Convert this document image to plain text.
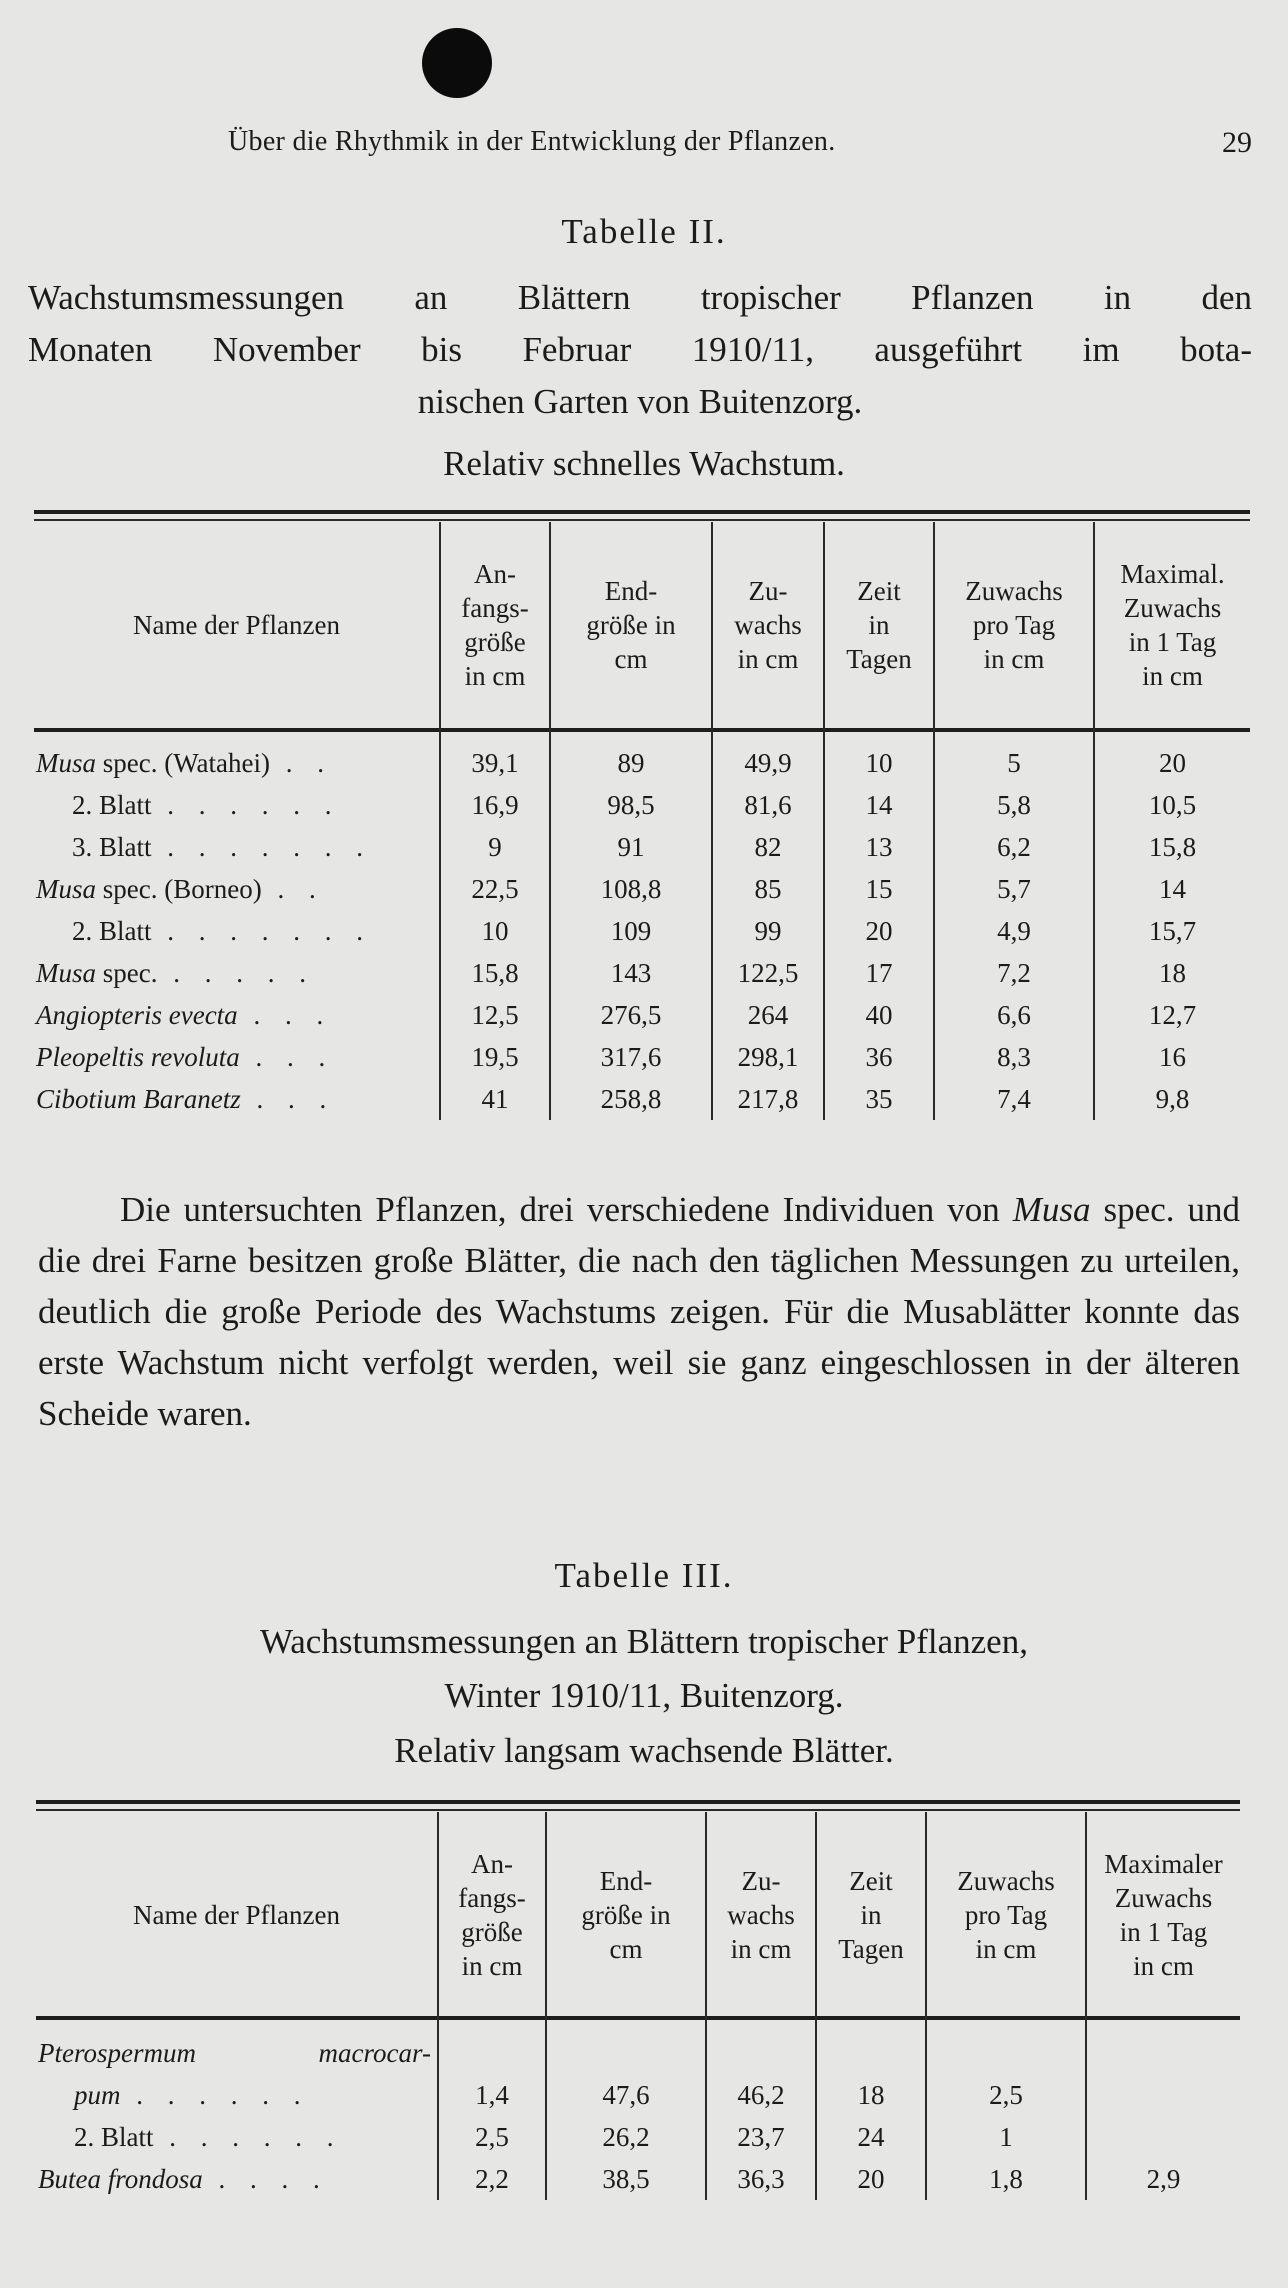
Über die Rhythmik in der Entwicklung der Pflanzen.	29
Tabelle II.
Wachstumsmessungen an Blättern tropischer Pflanzen in den
Monaten November bis Februar 1910/11, ausgeführt im bota-
nischen Garten von Buitenzorg.
Relativ schnelles Wachstum.
Name der Pflanzen	An-
fangs-
größe
in cm	End-
größe in
cm	Zu-
wachs
in cm	Zeit
in
Tagen	Zuwachs
pro Tag
in cm	Maximal.
Zuwachs
in 1 Tag
in cm

Musa spec. (Watahei) . .	39,1	89	49,9	10	5	20
2. Blatt . . . . . .	16,9	98,5	81,6	14	5,8	10,5
3. Blatt . . . . . . .	9	91	82	13	6,2	15,8
Musa spec. (Borneo) . .	22,5	108,8	85	15	5,7	14
2. Blatt . . . . . . .	10	109	99	20	4,9	15,7
Musa spec. . . . . .	15,8	143	122,5	17	7,2	18
Angiopteris evecta . . .	12,5	276,5	264	40	6,6	12,7
Pleopeltis revoluta . . .	19,5	317,6	298,1	36	8,3	16
Cibotium Baranetz . . .	41	258,8	217,8	35	7,4	9,8
Die untersuchten Pflanzen, drei verschiedene Individuen von Musa spec. und die drei Farne besitzen große Blätter, die nach den täglichen Messungen zu urteilen, deutlich die große Periode des Wachstums zeigen. Für die Musablätter konnte das erste Wachstum nicht verfolgt werden, weil sie ganz eingeschlossen in der älteren Scheide waren.
Tabelle III.
Wachstumsmessungen an Blättern tropischer Pflanzen,
Winter 1910/11, Buitenzorg.
Relativ langsam wachsende Blätter.
Name der Pflanzen	An-
fangs-
größe
in cm	End-
größe in
cm	Zu-
wachs
in cm	Zeit
in
Tagen	Zuwachs
pro Tag
in cm	Maximaler
Zuwachs
in 1 Tag
in cm

Pterospermum macrocar-						
pum . . . . . .	1,4	47,6	46,2	18	2,5	
2. Blatt . . . . . .	2,5	26,2	23,7	24	1	
Butea frondosa . . . .	2,2	38,5	36,3	20	1,8	2,9
